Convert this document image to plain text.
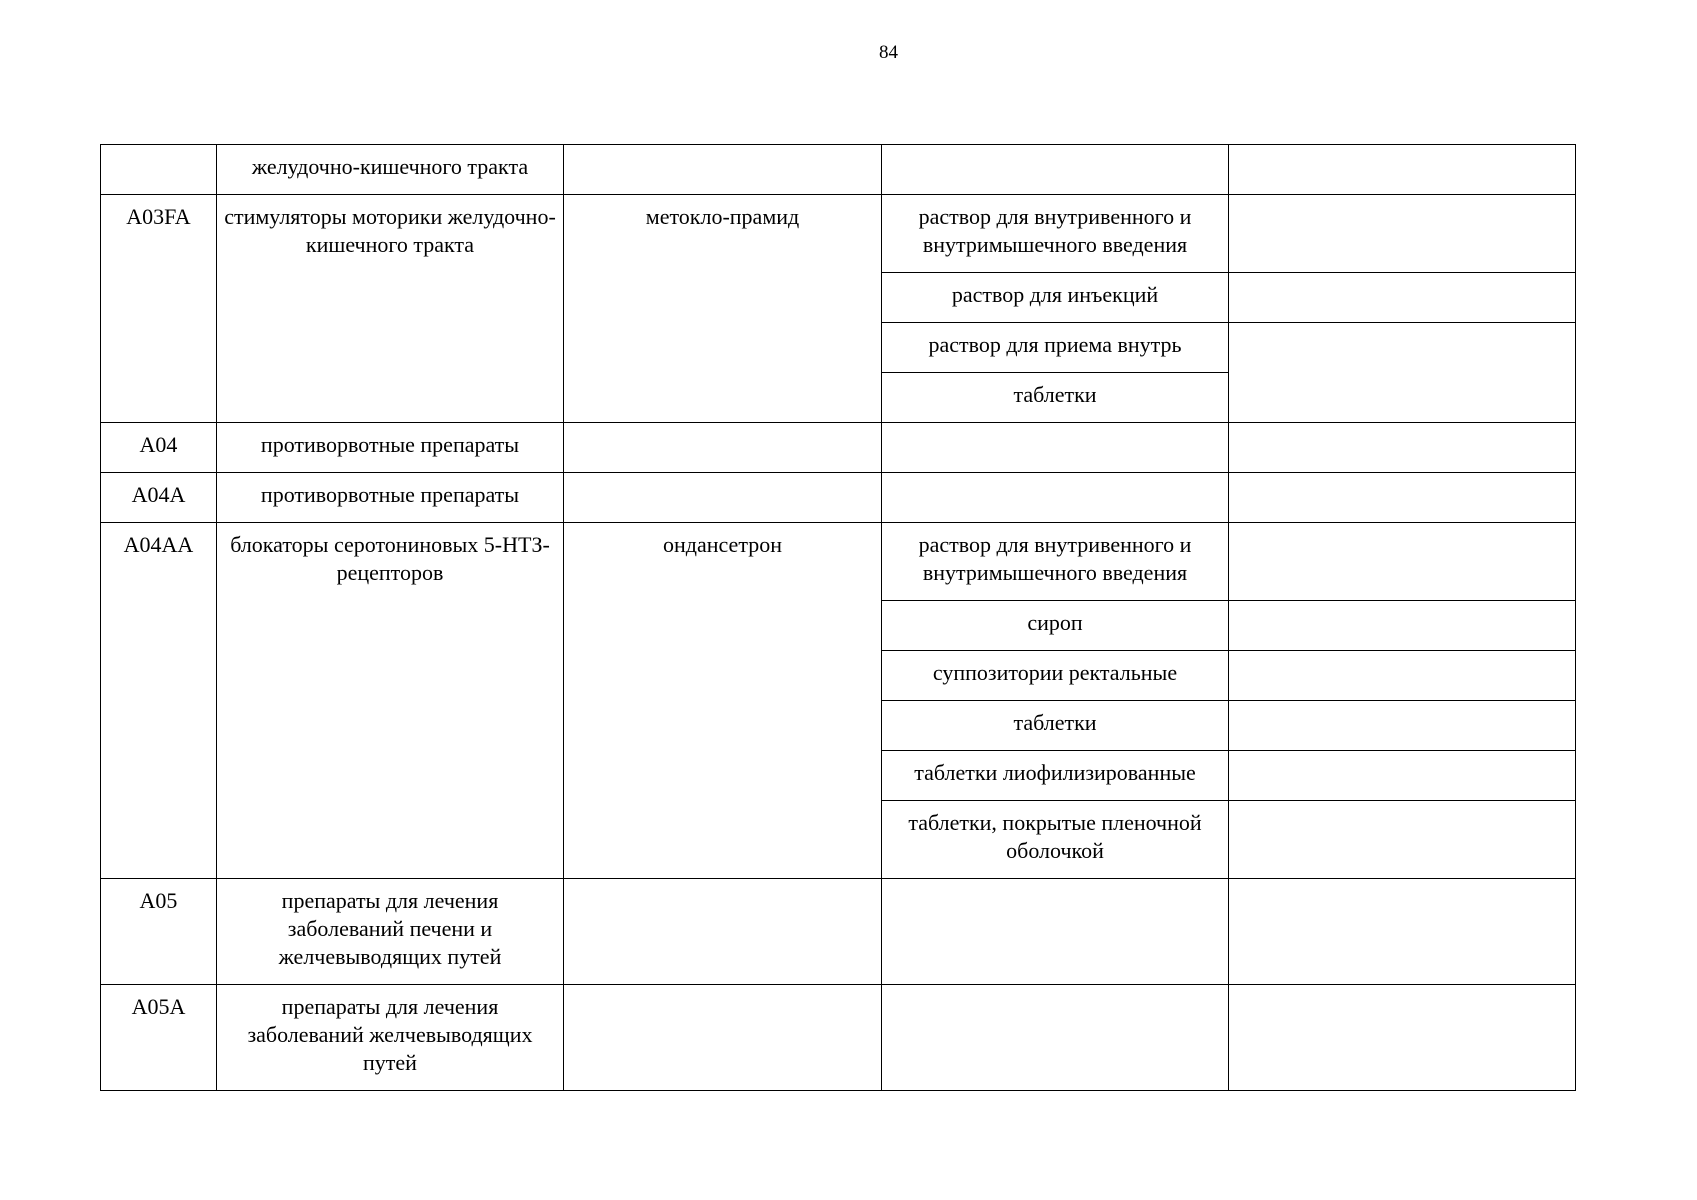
84
	желудочно-кишечного тракта			
A03FA	стимуляторы моторики желудочно-кишечного тракта	метокло-прамид	раствор для внутривенного и внутримышечного введения	
			раствор для инъекций	
			раствор для приема внутрь	
			таблетки	
A04	противорвотные препараты			
A04A	противорвотные препараты			
A04AA	блокаторы серотониновых 5-НТЗ-рецепторов	ондансетрон	раствор для внутривенного и внутримышечного введения	
			сироп	
			суппозитории ректальные	
			таблетки	
			таблетки лиофилизированные	
			таблетки, покрытые пленочной оболочкой	
A05	препараты для лечения заболеваний печени и желчевыводящих путей			
A05A	препараты для лечения заболеваний желчевыводящих путей			
